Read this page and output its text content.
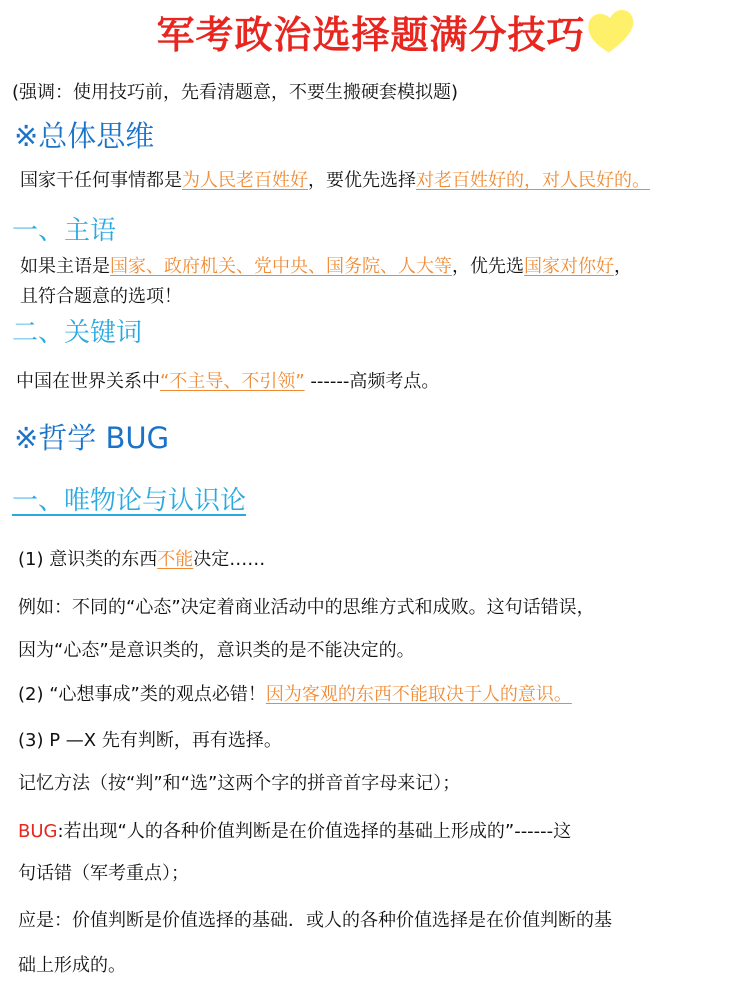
军考政治选择题满分技巧
(强调：使用技巧前，先看清题意，不要生搬硬套模拟题)
※总体思维
国家干任何事情都是为人民老百姓好，要优先选择对老百姓好的，对人民好的。
一、主语
如果主语是国家、政府机关、党中央、国务院、人大等，优先选国家对你好，
且符合题意的选项！
二、关键词
中国在世界关系中“不主导、不引领” ------高频考点。
※哲学 BUG
一、唯物论与认识论
(1) 意识类的东西不能决定……
例如：不同的“心态”决定着商业活动中的思维方式和成败。这句话错误，
因为“心态”是意识类的，意识类的是不能决定的。
(2) “心想事成”类的观点必错！因为客观的东西不能取决于人的意识。
(3) P —X 先有判断，再有选择。
记忆方法（按“判”和“选”这两个字的拼音首字母来记）；
BUG:若出现“人的各种价值判断是在价值选择的基础上形成的”------这
句话错（军考重点）；
应是：价值判断是价值选择的基础．或人的各种价值选择是在价值判断的基
础上形成的。
